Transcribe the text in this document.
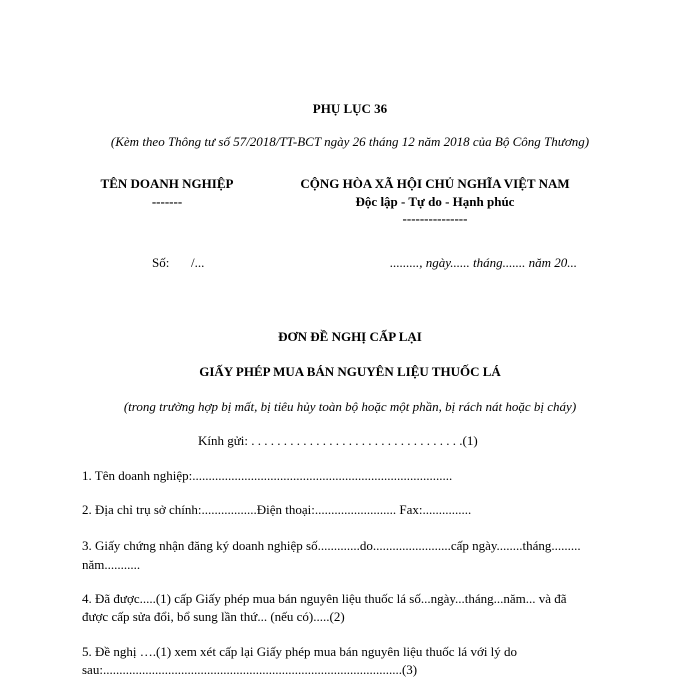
PHỤ LỤC 36
(Kèm theo Thông tư số 57/2018/TT-BCT ngày 26 tháng 12 năm 2018 của Bộ Công Thương)
TÊN DOANH NGHIỆP
-------
CỘNG HÒA XÃ HỘI CHỦ NGHĨA VIỆT NAM
Độc lập - Tự do - Hạnh phúc
---------------
Số: /...	........., ngày...... tháng....... năm 20...
ĐƠN ĐỀ NGHỊ CẤP LẠI
GIẤY PHÉP MUA BÁN NGUYÊN LIỆU THUỐC LÁ
(trong trường hợp bị mất, bị tiêu hủy toàn bộ hoặc một phần, bị rách nát hoặc bị cháy)
Kính gửi: . . . . . . . . . . . . . . . . . . . . . . . . . . . . . . . . .(1)
1. Tên doanh nghiệp:................................................................................
2. Địa chỉ trụ sở chính:.................Điện thoại:......................... Fax:...............
3. Giấy chứng nhận đăng ký doanh nghiệp số.............do........................cấp ngày........tháng.........
năm...........
4. Đã được.....(1) cấp Giấy phép mua bán nguyên liệu thuốc lá số...ngày...tháng...năm... và đã
được cấp sửa đổi, bổ sung lần thứ... (nếu có).....(2)
5. Đề nghị ….(1) xem xét cấp lại Giấy phép mua bán nguyên liệu thuốc lá với lý do
sau:............................................................................................(3)
